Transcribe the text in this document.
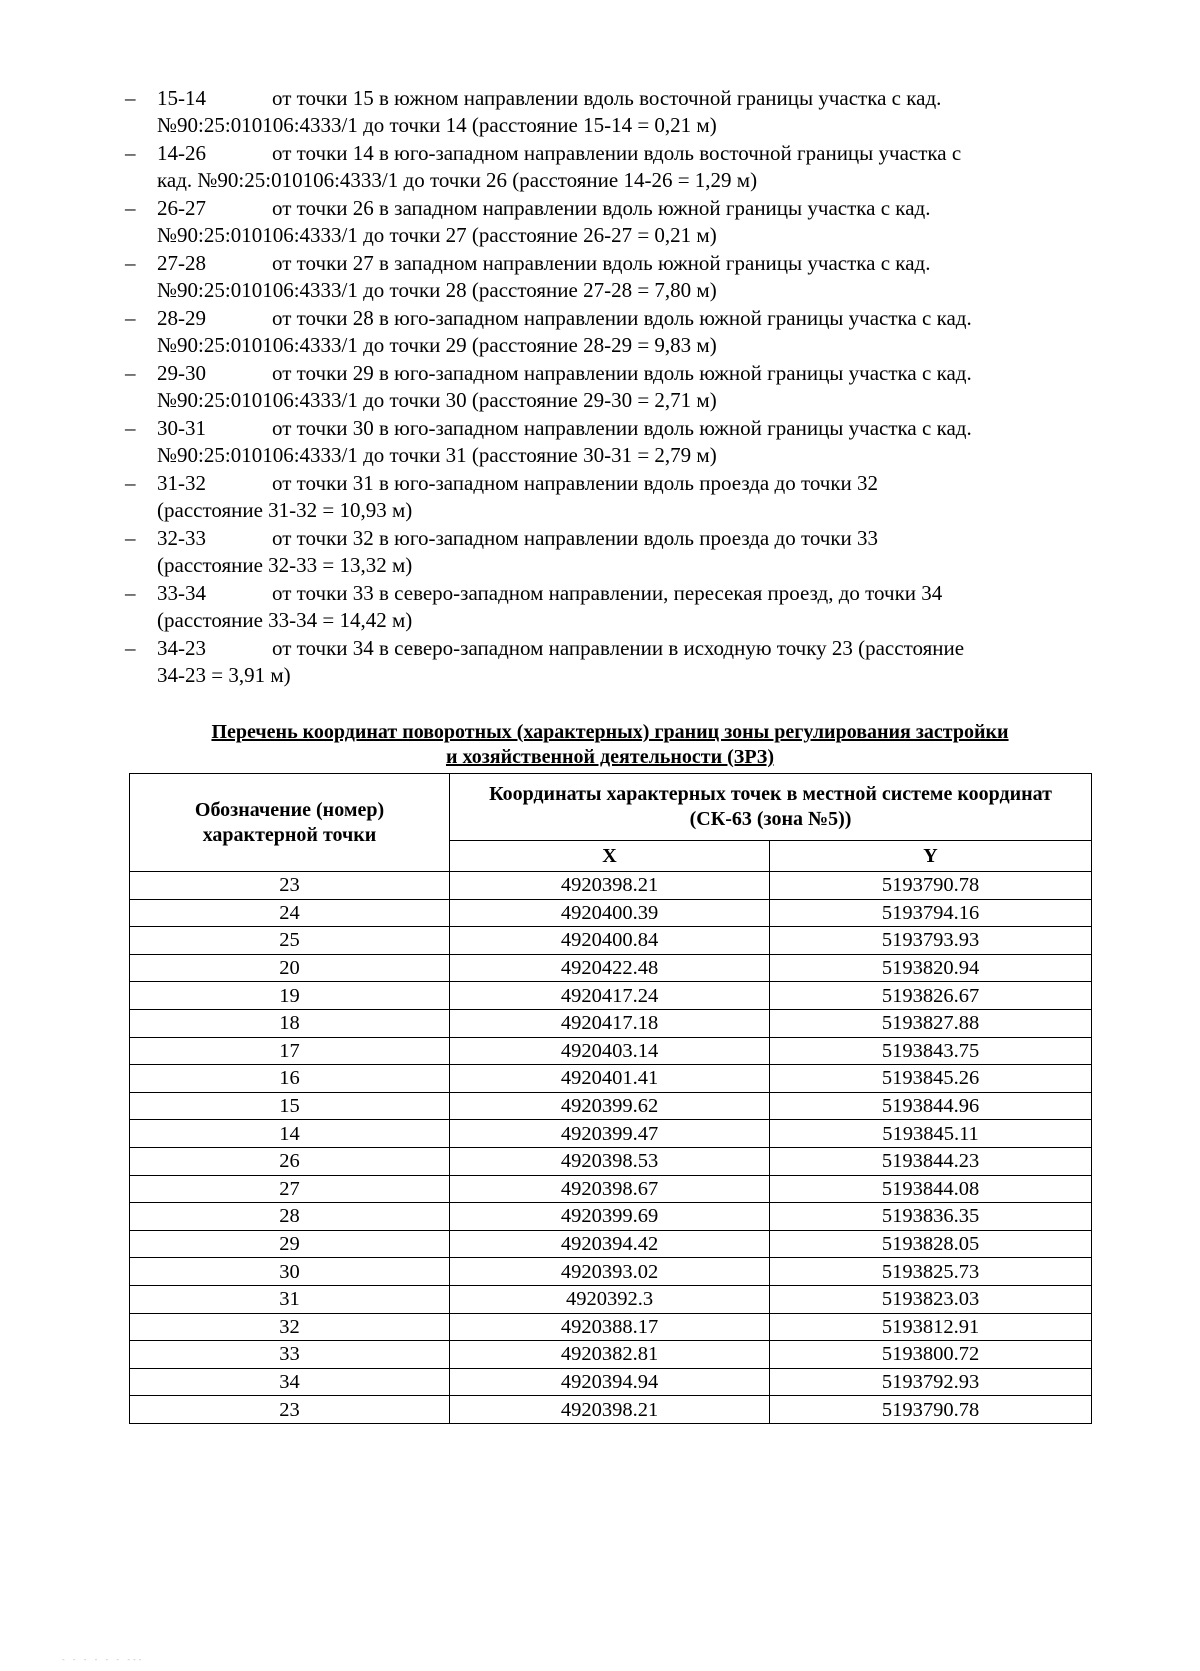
– 15-14	от точки 15 в южном направлении вдоль восточной границы участка с кад.
№90:25:010106:4333/1 до точки 14 (расстояние 15-14 = 0,21 м)
– 14-26	от точки 14 в юго-западном направлении вдоль восточной границы участка с
кад. №90:25:010106:4333/1 до точки 26 (расстояние 14-26 = 1,29 м)
– 26-27	от точки 26 в западном направлении вдоль южной границы участка с кад.
№90:25:010106:4333/1 до точки 27 (расстояние 26-27 = 0,21 м)
– 27-28	от точки 27 в западном направлении вдоль южной границы участка с кад.
№90:25:010106:4333/1 до точки 28 (расстояние 27-28 = 7,80 м)
– 28-29	от точки 28 в юго-западном направлении вдоль южной границы участка с кад.
№90:25:010106:4333/1 до точки 29 (расстояние 28-29 = 9,83 м)
– 29-30	от точки 29 в юго-западном направлении вдоль южной границы участка с кад.
№90:25:010106:4333/1 до точки 30 (расстояние 29-30 = 2,71 м)
– 30-31	от точки 30 в юго-западном направлении вдоль южной границы участка с кад.
№90:25:010106:4333/1 до точки 31 (расстояние 30-31 = 2,79 м)
– 31-32	от точки 31 в юго-западном направлении вдоль проезда до точки 32
(расстояние 31-32 = 10,93 м)
– 32-33	от точки 32 в юго-западном направлении вдоль проезда до точки 33
(расстояние 32-33 = 13,32 м)
– 33-34	от точки 33 в северо-западном направлении, пересекая проезд, до точки 34
(расстояние 33-34 = 14,42 м)
– 34-23	от точки 34 в северо-западном направлении в исходную точку 23 (расстояние
34-23 = 3,91 м)
Перечень координат поворотных (характерных) границ зоны регулирования застройки
и хозяйственной деятельности (ЗРЗ)
Обозначение (номер) характерной точки	Координаты характерных точек в местной системе координат (СК-63 (зона №5))	
	X	Y
23	4920398.21	5193790.78
24	4920400.39	5193794.16
25	4920400.84	5193793.93
20	4920422.48	5193820.94
19	4920417.24	5193826.67
18	4920417.18	5193827.88
17	4920403.14	5193843.75
16	4920401.41	5193845.26
15	4920399.62	5193844.96
14	4920399.47	5193845.11
26	4920398.53	5193844.23
27	4920398.67	5193844.08
28	4920399.69	5193836.35
29	4920394.42	5193828.05
30	4920393.02	5193825.73
31	4920392.3	5193823.03
32	4920388.17	5193812.91
33	4920382.81	5193800.72
34	4920394.94	5193792.93
23	4920398.21	5193790.78
- - - - - - ---
